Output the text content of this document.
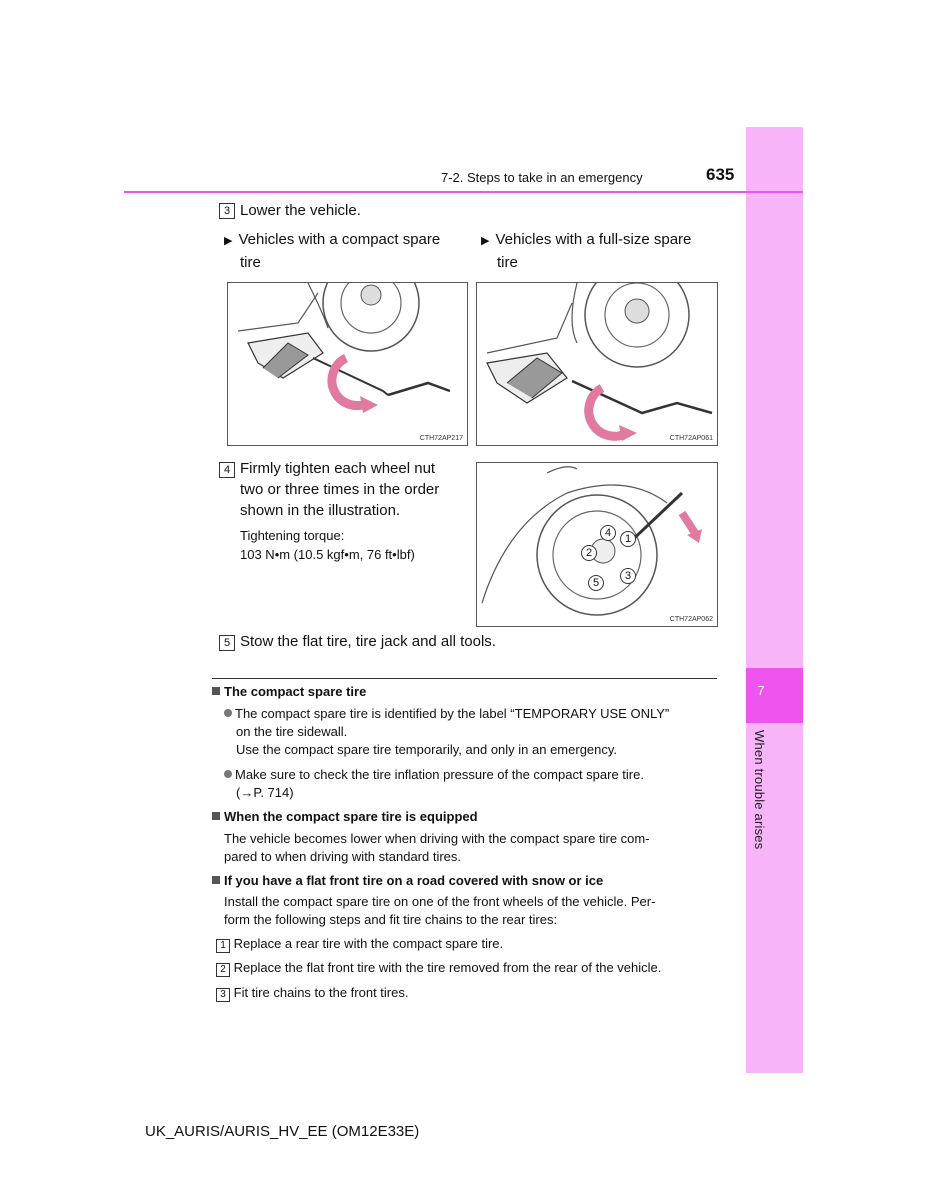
7
When trouble arises
7-2. Steps to take in an emergency	635
3 Lower the vehicle.
▶ Vehicles with a compact spare
tire
▶ Vehicles with a full-size spare
tire
CTH72AP217	CTH72AP061
4 Firmly tighten each wheel nut
two or three times in the order
shown in the illustration.
Tightening torque:
103 N•m (10.5 kgf•m, 76 ft•lbf)
1
2
3
4
5
CTH72AP062
5 Stow the flat tire, tire jack and all tools.
The compact spare tire
The compact spare tire is identified by the label “TEMPORARY USE ONLY”
on the tire sidewall.
Use the compact spare tire temporarily, and only in an emergency.
Make sure to check the tire inflation pressure of the compact spare tire.
(→P. 714)
When the compact spare tire is equipped
The vehicle becomes lower when driving with the compact spare tire com-
pared to when driving with standard tires.
If you have a flat front tire on a road covered with snow or ice
Install the compact spare tire on one of the front wheels of the vehicle. Per-
form the following steps and fit tire chains to the rear tires:
1 Replace a rear tire with the compact spare tire.
2 Replace the flat front tire with the tire removed from the rear of the vehicle.
3 Fit tire chains to the front tires.
UK_AURIS/AURIS_HV_EE (OM12E33E)
